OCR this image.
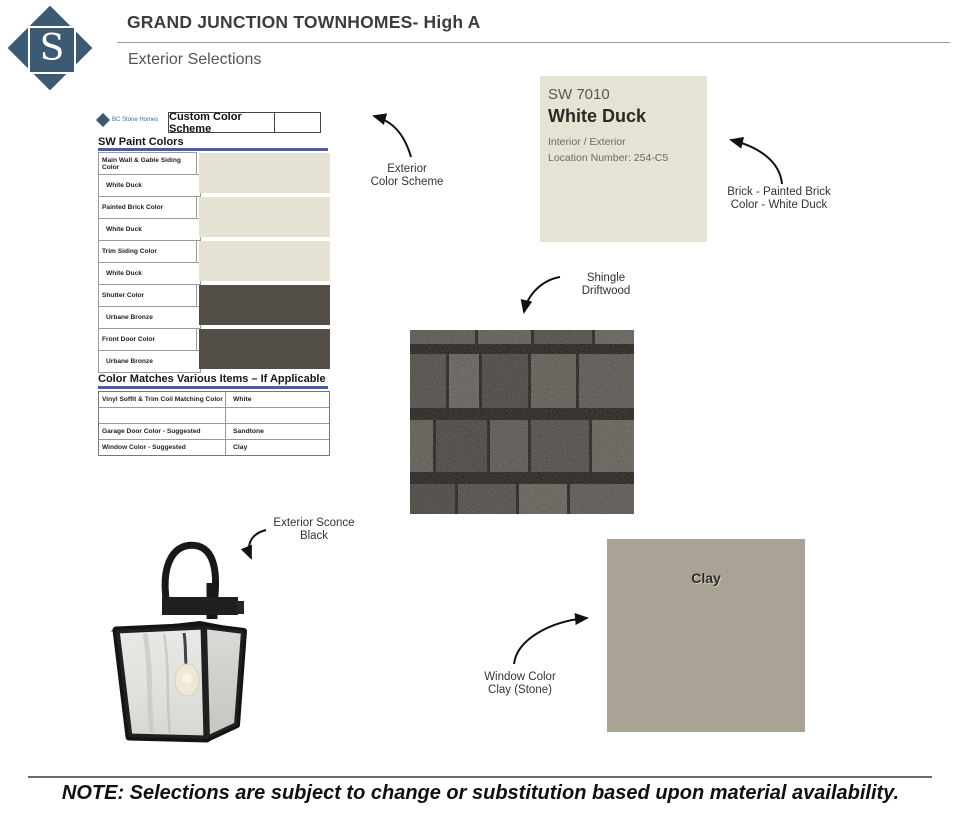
S
GRAND JUNCTION TOWNHOMES- High A
Exterior Selections
BC Stone Homes Custom Color Scheme
SW Paint Colors
Main Wall & Gable Siding Color
White Duck
Painted Brick Color
White Duck
Trim Siding Color
White Duck
Shutter Color
Urbane Bronze
Front Door Color
Urbane Bronze
Color Matches Various Items – If Applicable
Vinyl Soffit & Trim Coil Matching Color	White
Garage Door Color - Suggested	Sandtone
Window Color - Suggested	Clay
SW 7010
White Duck
Interior / Exterior
Location Number: 254-C5
Clay
Exterior
Color Scheme
Brick - Painted Brick
Color - White Duck
Shingle
Driftwood
Exterior Sconce
Black
Window Color
Clay (Stone)
NOTE: Selections are subject to change or substitution based upon material availability.
